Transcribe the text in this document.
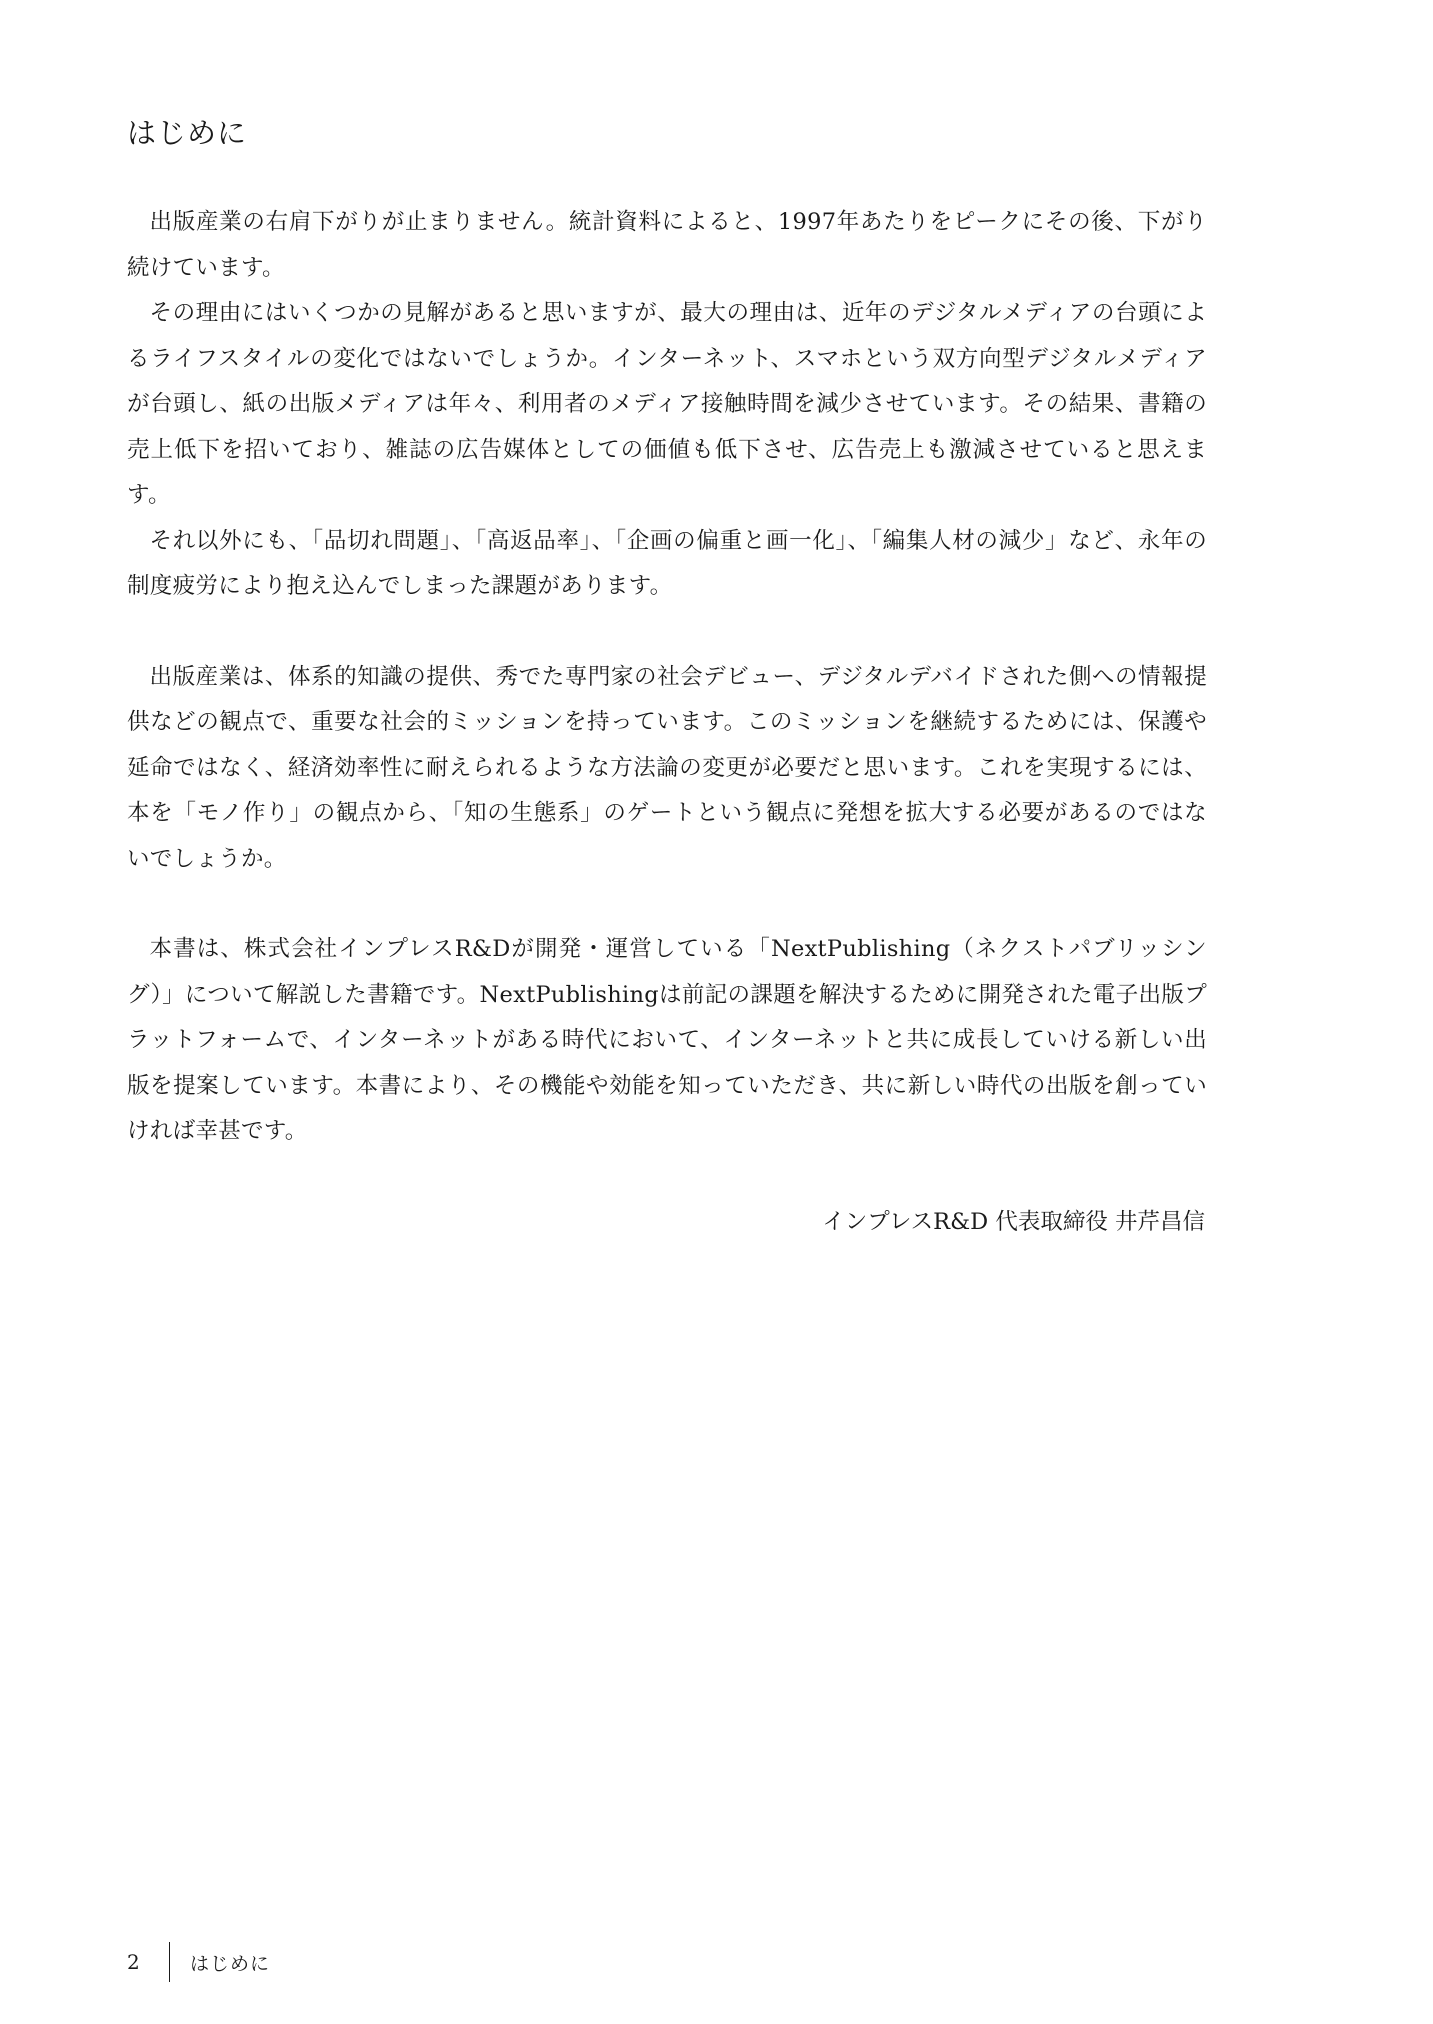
はじめに

出版産業の右肩下がりが止まりません。統計資料によると、1997年あたりをピークにその後、下がり続けています。

その理由にはいくつかの見解があると思いますが、最大の理由は、近年のデジタルメディアの台頭によるライフスタイルの変化ではないでしょうか。インターネット、スマホという双方向型デジタルメディアが台頭し、紙の出版メディアは年々、利用者のメディア接触時間を減少させています。その結果、書籍の売上低下を招いており、雑誌の広告媒体としての価値も低下させ、広告売上も激減させていると思えます。

それ以外にも、「品切れ問題」、「高返品率」、「企画の偏重と画一化」、「編集人材の減少」など、永年の制度疲労により抱え込んでしまった課題があります。

出版産業は、体系的知識の提供、秀でた専門家の社会デビュー、デジタルデバイドされた側への情報提供などの観点で、重要な社会的ミッションを持っています。このミッションを継続するためには、保護や延命ではなく、経済効率性に耐えられるような方法論の変更が必要だと思います。これを実現するには、本を「モノ作り」の観点から、「知の生態系」のゲートという観点に発想を拡大する必要があるのではないでしょうか。

本書は、株式会社インプレスR&Dが開発・運営している「NextPublishing（ネクストパブリッシング）」について解説した書籍です。NextPublishingは前記の課題を解決するために開発された電子出版プラットフォームで、インターネットがある時代において、インターネットと共に成長していける新しい出版を提案しています。本書により、その機能や効能を知っていただき、共に新しい時代の出版を創っていければ幸甚です。

インプレスR&D 代表取締役 井芹昌信

2	はじめに
